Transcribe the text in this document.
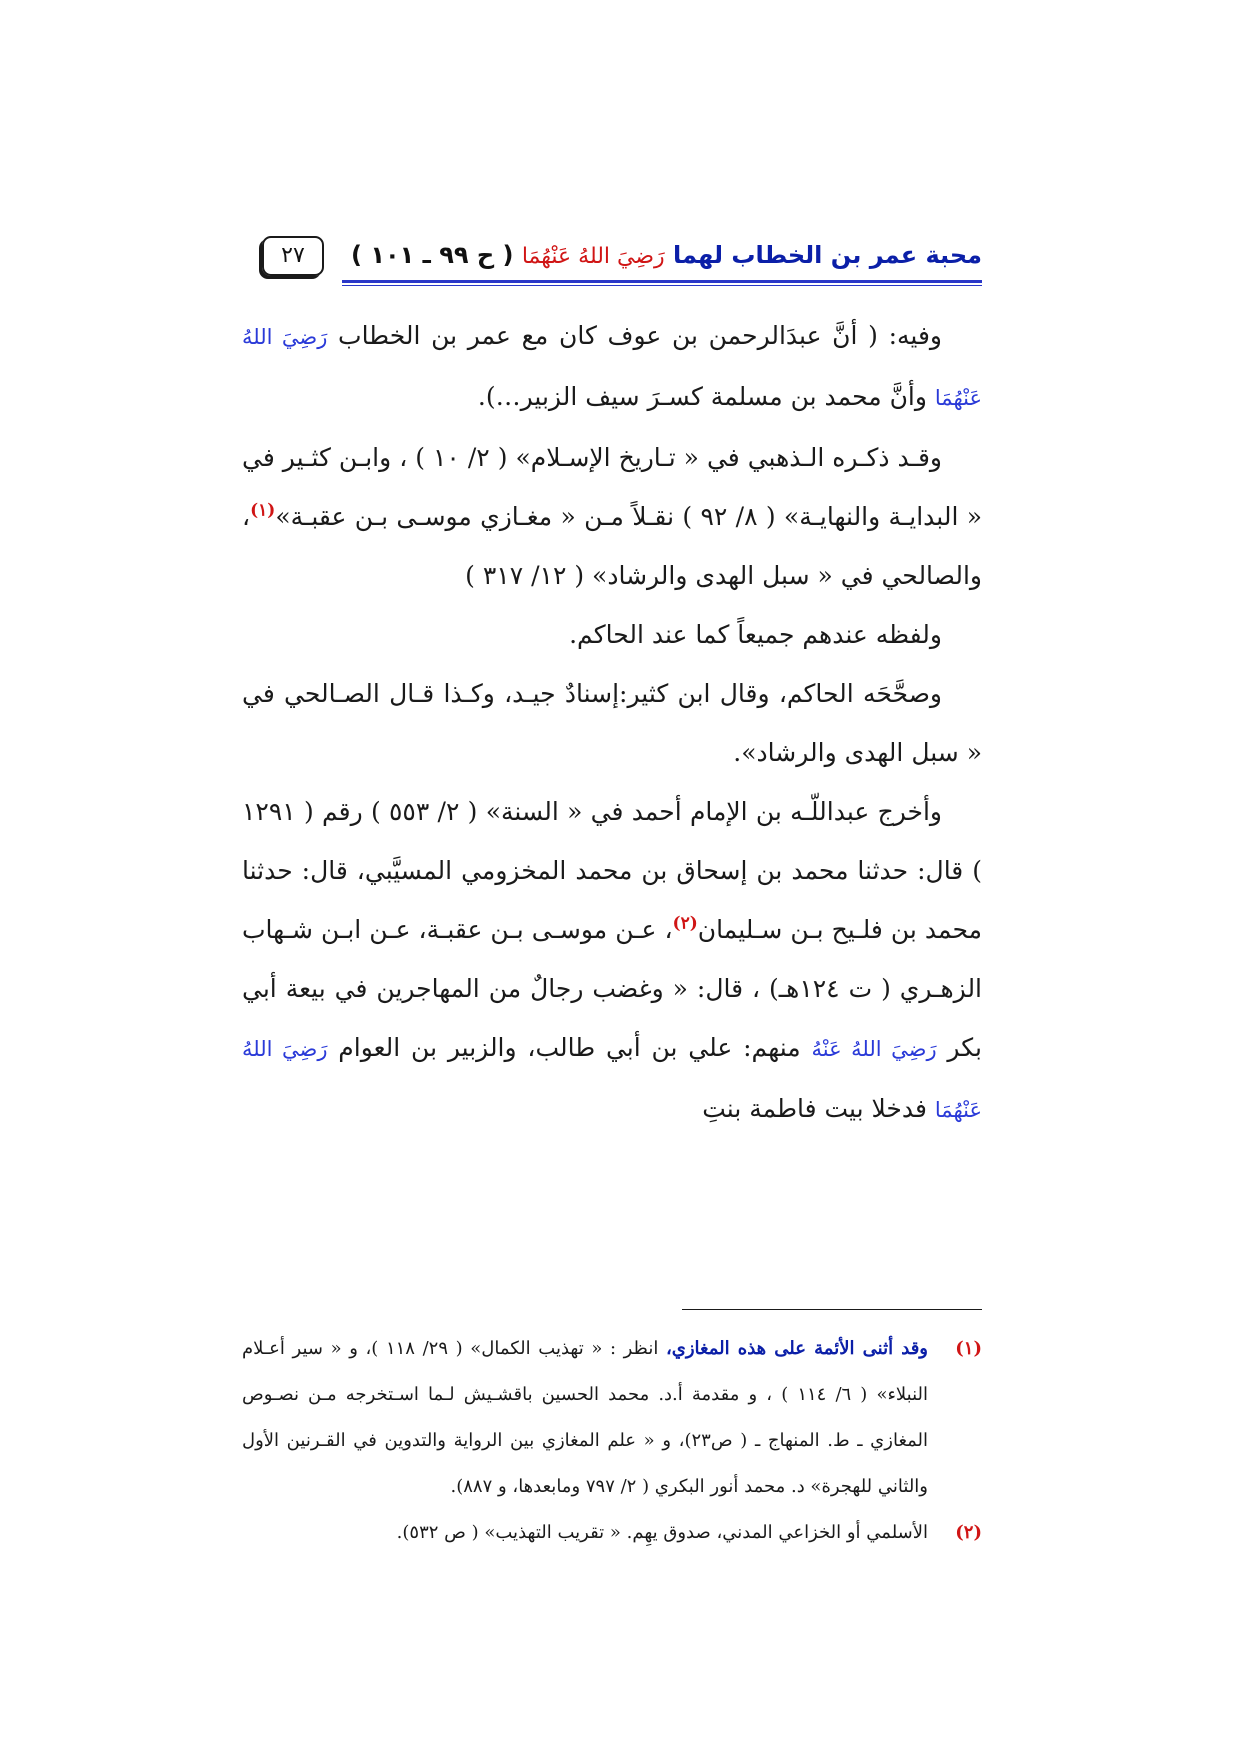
محبة عمر بن الخطاب لهما رَضِيَ اللهُ عَنْهُمَا ( ح ٩٩ ـ ١٠١ )
٢٧

وفيه: ( أنَّ عبدَالرحمن بن عوف كان مع عمر بن الخطاب رَضِيَ اللهُ عَنْهُمَا وأنَّ محمد بن مسلمة كسـرَ سيف الزبير…).

وقـد ذكـره الـذهبي في « تـاريخ الإسـلام» ( ٢/ ١٠ ) ، وابـن كثـير في « البدايـة والنهايـة» ( ٨/ ٩٢ ) نقـلاً مـن « مغـازي موسـى بـن عقبـة»$^{(١)}$، والصالحي في « سبل الهدى والرشاد» ( ١٢/ ٣١٧ )

ولفظه عندهم جميعاً كما عند الحاكم.

وصحَّحَه الحاكم، وقال ابن كثير:إسنادٌ جيـد، وكـذا قـال الصـالحي في « سبل الهدى والرشاد».

وأخرج عبداللّـه بن الإمام أحمد في « السنة» ( ٢/ ٥٥٣ ) رقم ( ١٢٩١ ) قال: حدثنا محمد بن إسحاق بن محمد المخزومي المسيَّبي، قال: حدثنا محمد بن فلـيح بـن سـليمان$^{(٢)}$، عـن موسـى بـن عقبـة، عـن ابـن شـهاب الزهـري ( ت ١٢٤هـ) ، قال: « وغضب رجالٌ من المهاجرين في بيعة أبي بكر رَضِيَ اللهُ عَنْهُ منهم: علي بن أبي طالب، والزبير بن العوام رَضِيَ اللهُ عَنْهُمَا فدخلا بيت فاطمة بنتِ

(١)
وقد أثنى الأئمة على هذه المغازي، انظر : « تهذيب الكمال» ( ٢٩/ ١١٨ )، و « سير أعـلام النبلاء» ( ٦/ ١١٤ ) ، و مقدمة أ.د. محمد الحسين باقشـيش لـما اسـتخرجه مـن نصـوص المغازي ـ ط. المنهاج ـ ( ص٢٣)، و « علم المغازي بين الرواية والتدوين في القـرنين الأول والثاني للهجرة» د. محمد أنور البكري ( ٢/ ٧٩٧ ومابعدها، و ٨٨٧).
(٢)
الأسلمي أو الخزاعي المدني، صدوق يهِم. « تقريب التهذيب» ( ص ٥٣٢).
